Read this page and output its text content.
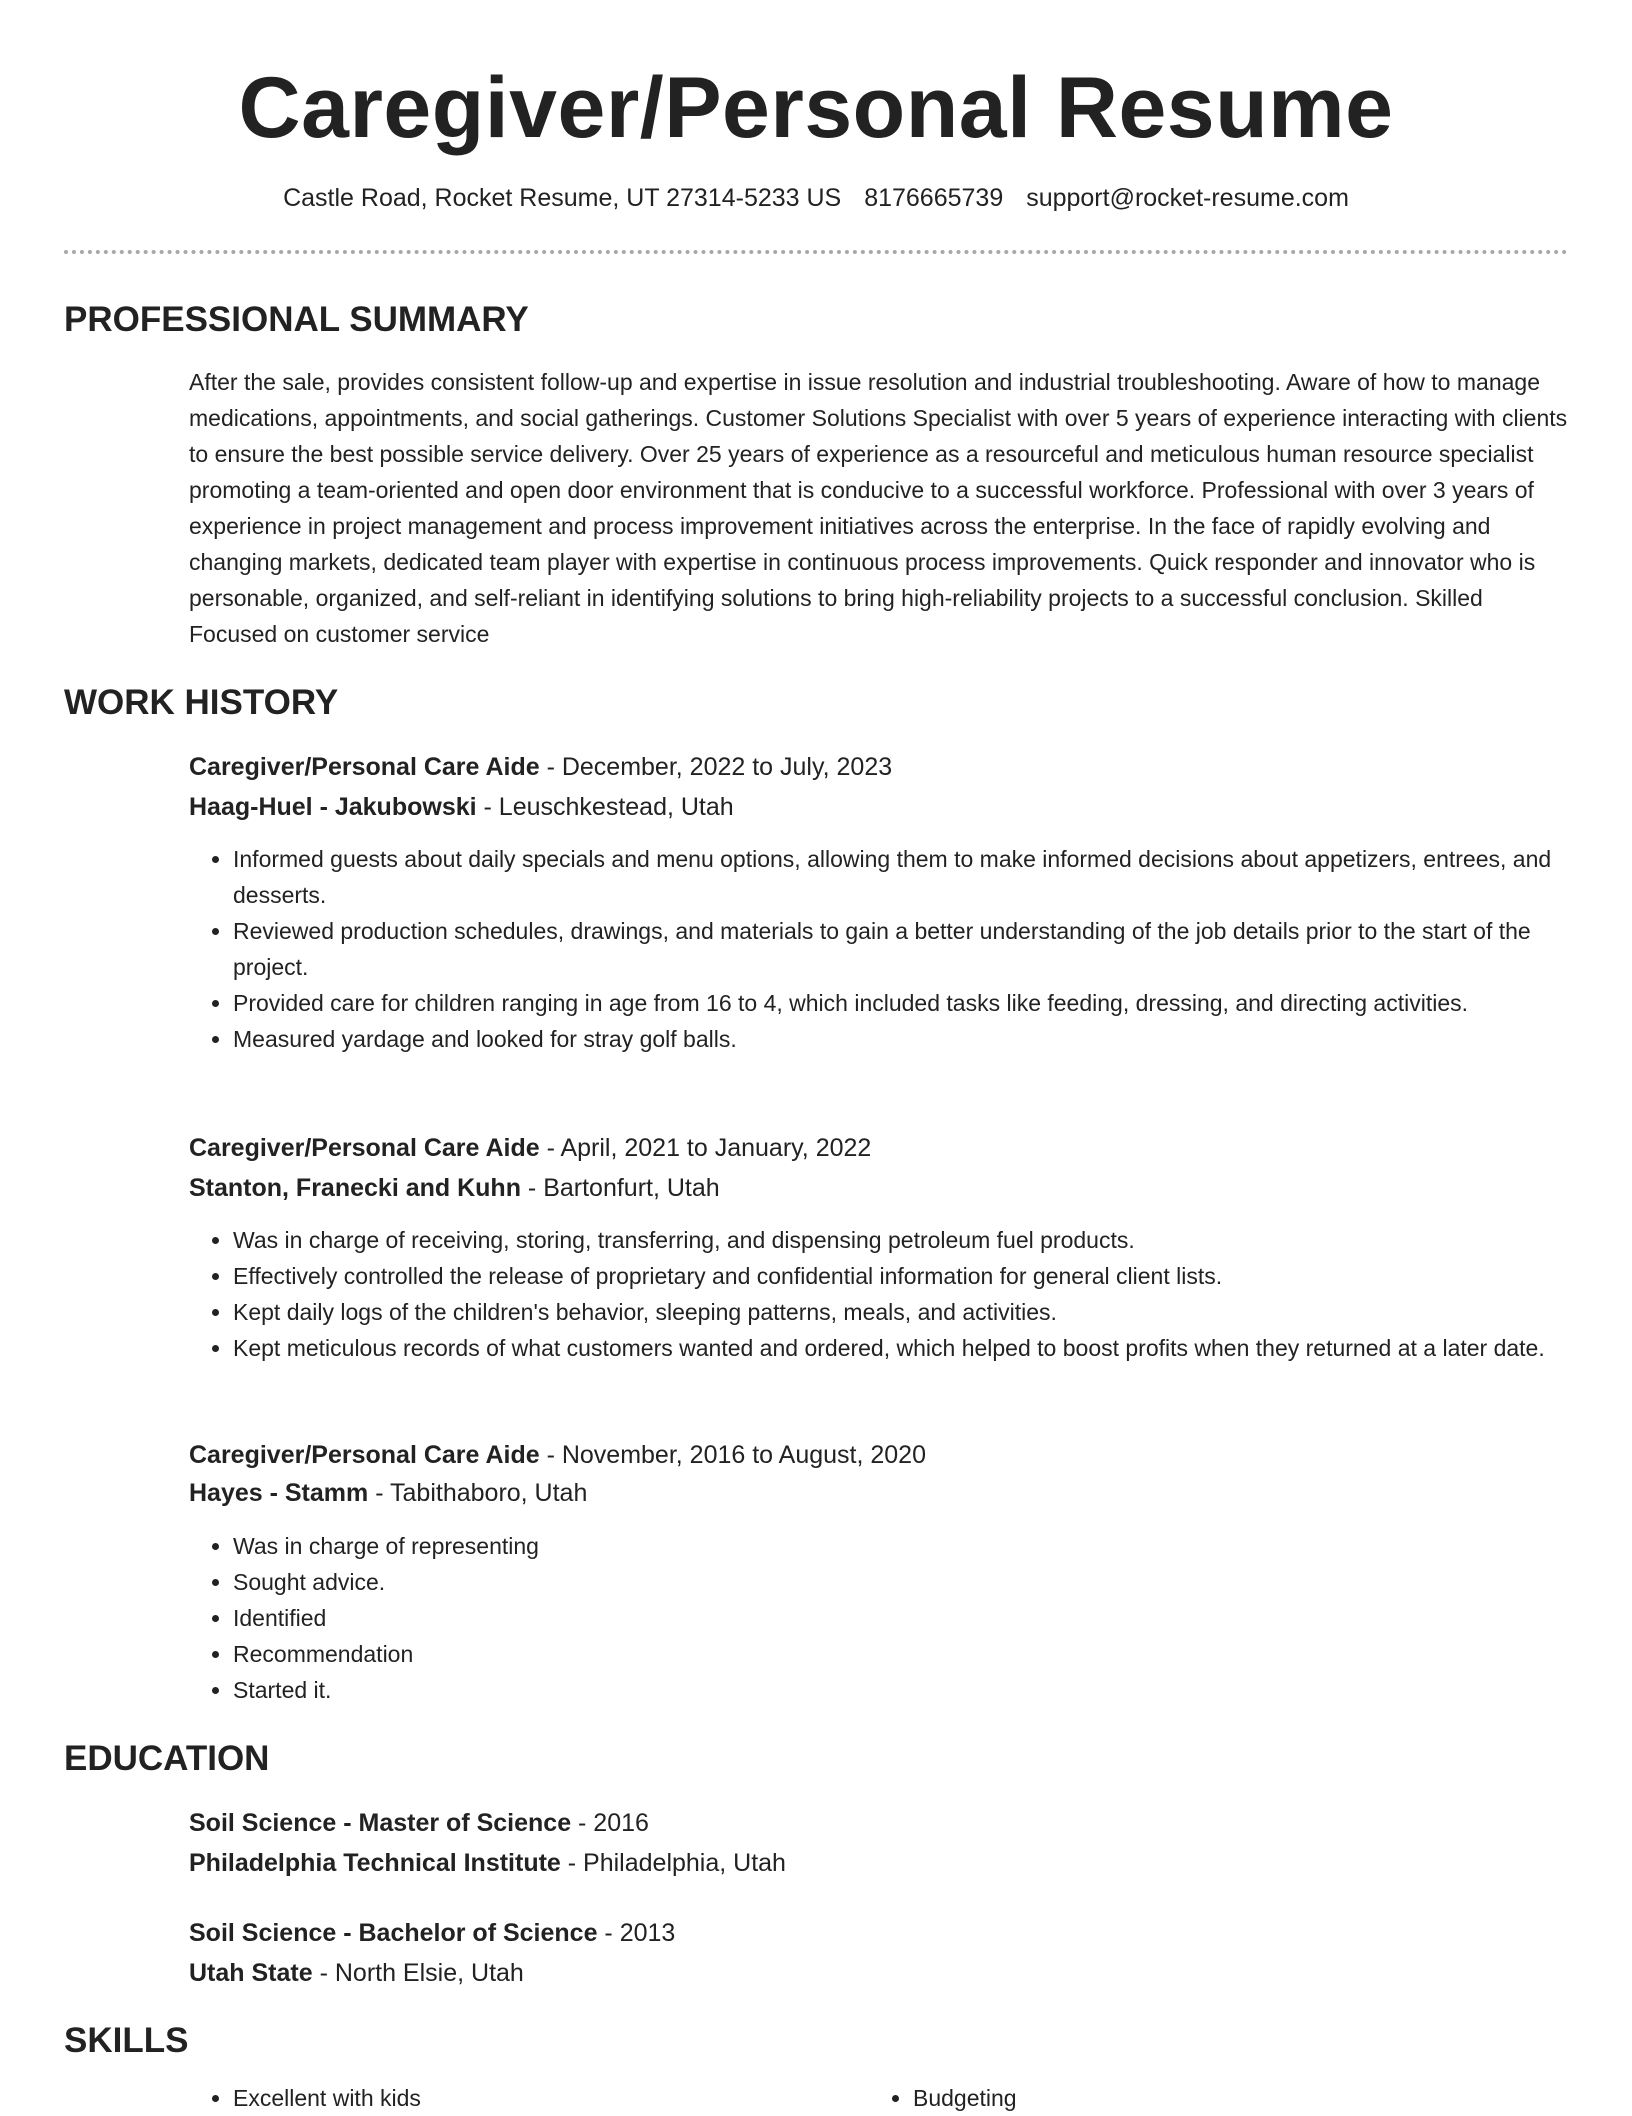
Caregiver/Personal Resume
Castle Road, Rocket Resume, UT 27314-5233 US 8176665739 support@rocket-resume.com
PROFESSIONAL SUMMARY

After the sale, provides consistent follow-up and expertise in issue resolution and industrial troubleshooting. Aware of how to manage medications, appointments, and social gatherings. Customer Solutions Specialist with over 5 years of experience interacting with clients to ensure the best possible service delivery. Over 25 years of experience as a resourceful and meticulous human resource specialist promoting a team-oriented and open door environment that is conducive to a successful workforce. Professional with over 3 years of experience in project management and process improvement initiatives across the enterprise. In the face of rapidly evolving and changing markets, dedicated team player with expertise in continuous process improvements. Quick responder and innovator who is personable, organized, and self-reliant in identifying solutions to bring high-reliability projects to a successful conclusion. Skilled Focused on customer service

WORK HISTORY
Caregiver/Personal Care Aide - December, 2022 to July, 2023
Haag-Huel - Jakubowski - Leuschkestead, Utah
• Informed guests about daily specials and menu options, allowing them to make informed decisions about appetizers, entrees, and desserts.
• Reviewed production schedules, drawings, and materials to gain a better understanding of the job details prior to the start of the project.
• Provided care for children ranging in age from 16 to 4, which included tasks like feeding, dressing, and directing activities.
• Measured yardage and looked for stray golf balls.
Caregiver/Personal Care Aide - April, 2021 to January, 2022
Stanton, Franecki and Kuhn - Bartonfurt, Utah
• Was in charge of receiving, storing, transferring, and dispensing petroleum fuel products.
• Effectively controlled the release of proprietary and confidential information for general client lists.
• Kept daily logs of the children's behavior, sleeping patterns, meals, and activities.
• Kept meticulous records of what customers wanted and ordered, which helped to boost profits when they returned at a later date.
Caregiver/Personal Care Aide - November, 2016 to August, 2020
Hayes - Stamm - Tabithaboro, Utah
• Was in charge of representing
• Sought advice.
• Identified
• Recommendation
• Started it.
EDUCATION
Soil Science - Master of Science - 2016
Philadelphia Technical Institute - Philadelphia, Utah
Soil Science - Bachelor of Science - 2013
Utah State - North Elsie, Utah
SKILLS
• Excellent with kids
•	Budgeting
